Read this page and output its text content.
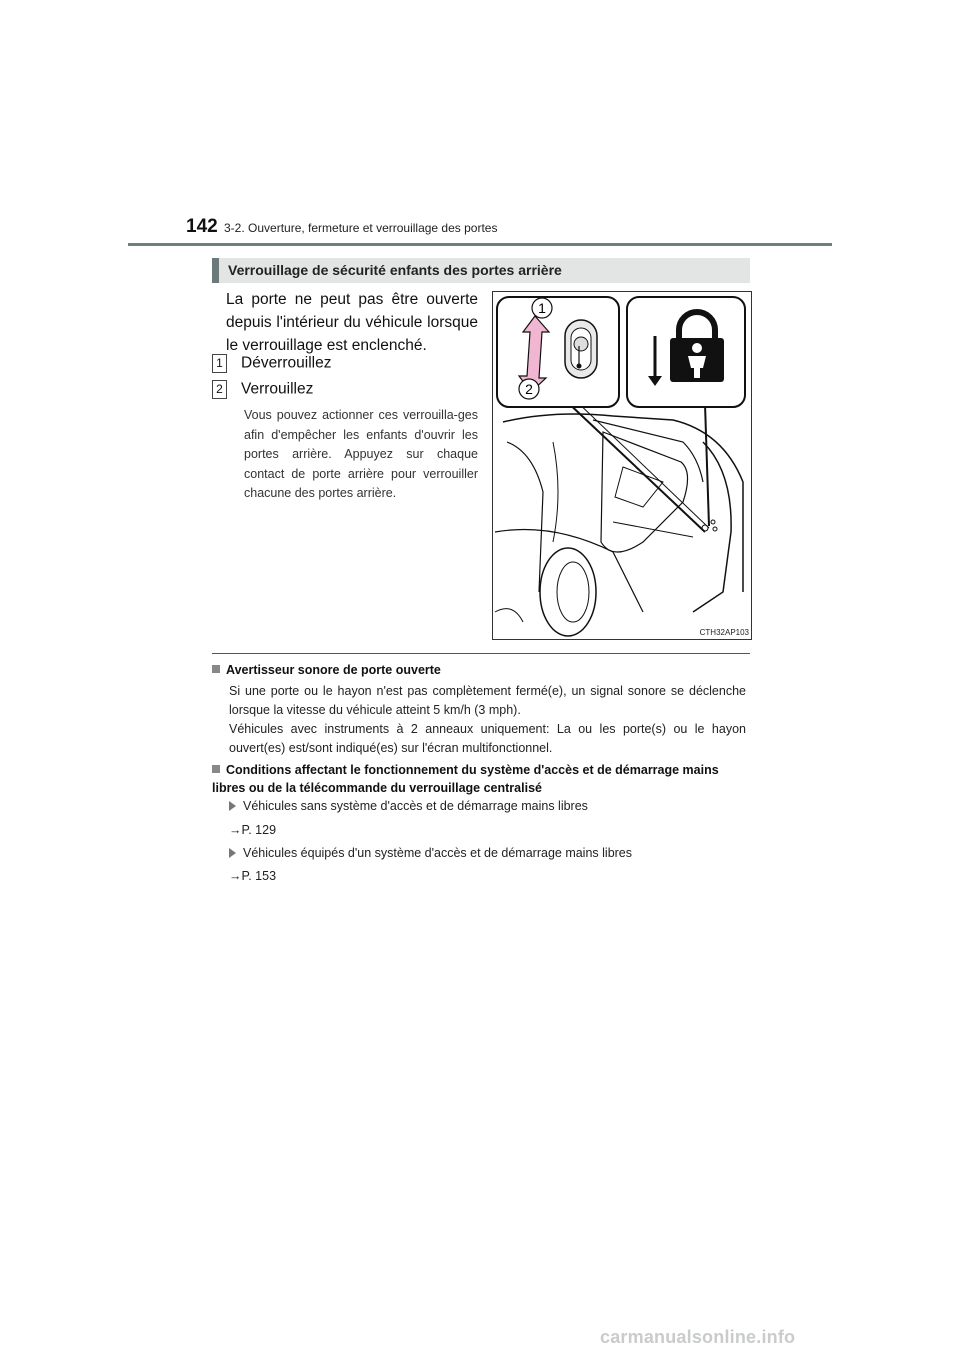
142 3-2. Ouverture, fermeture et verrouillage des portes
Verrouillage de sécurité enfants des portes arrière
La porte ne peut pas être ouverte depuis l'intérieur du véhicule lorsque le verrouillage est enclenché.
1 Déverrouillez
2 Verrouillez
Vous pouvez actionner ces verrouilla-ges afin d'empêcher les enfants d'ouvrir les portes arrière. Appuyez sur chaque contact de porte arrière pour verrouiller chacune des portes arrière.
1
2
CTH32AP103
Avertisseur sonore de porte ouverte
Si une porte ou le hayon n'est pas complètement fermé(e), un signal sonore se déclenche lorsque la vitesse du véhicule atteint 5 km/h (3 mph).
Véhicules avec instruments à 2 anneaux uniquement: La ou les porte(s) ou le hayon ouvert(es) est/sont indiqué(es) sur l'écran multifonctionnel.
Conditions affectant le fonctionnement du système d'accès et de démarrage mains libres ou de la télécommande du verrouillage centralisé
Véhicules sans système d'accès et de démarrage mains libres
→P. 129
Véhicules équipés d'un système d'accès et de démarrage mains libres
→P. 153
carmanualsonline.info
